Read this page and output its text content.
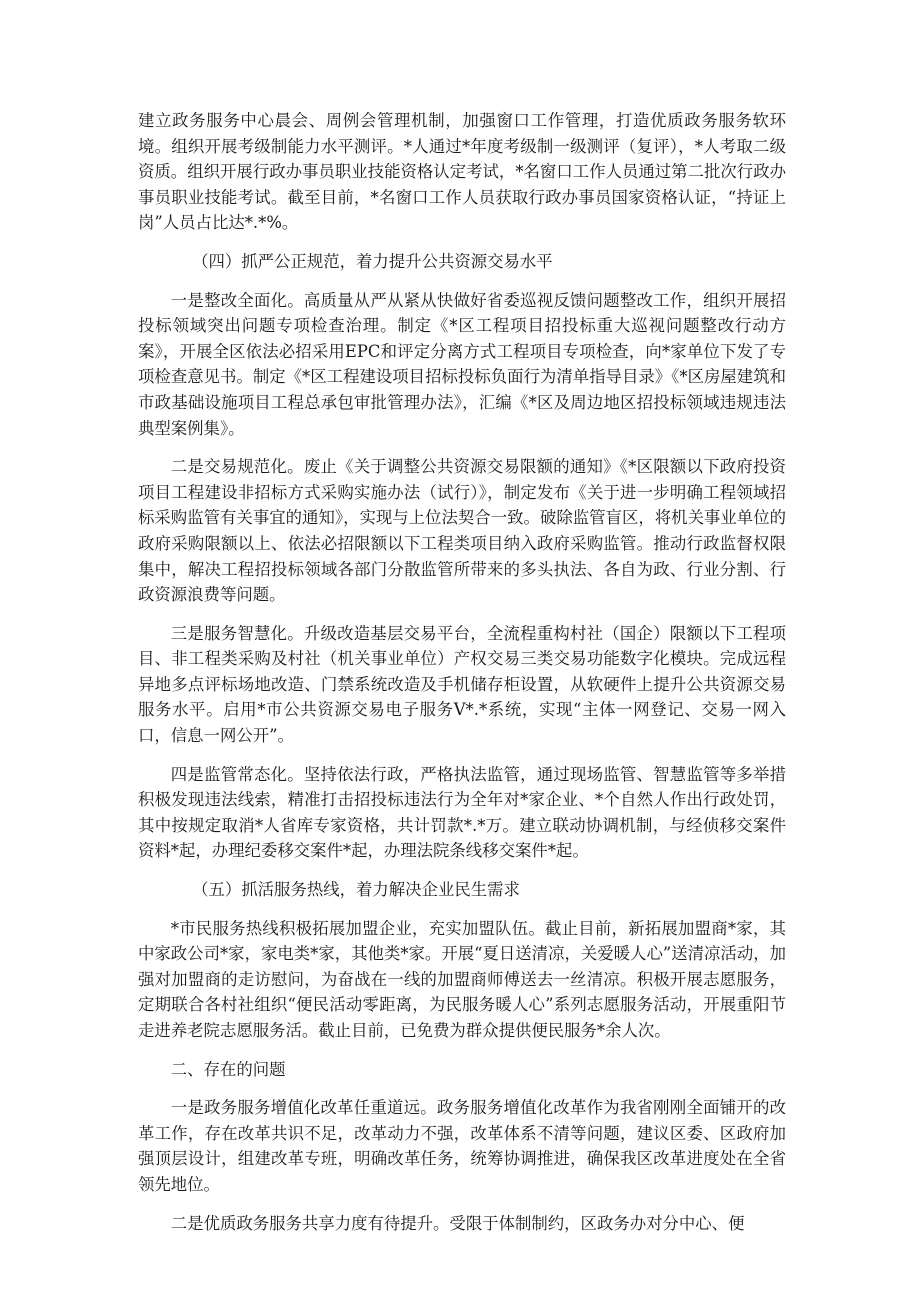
建立政务服务中心晨会、周例会管理机制，加强窗口工作管理，打造优质政务服务软环境。组织开展考级制能力水平测评。*人通过*年度考级制一级测评（复评），*人考取二级资质。组织开展行政办事员职业技能资格认定考试，*名窗口工作人员通过第二批次行政办事员职业技能考试。截至目前，*名窗口工作人员获取行政办事员国家资格认证，“持证上岗”人员占比达*.*%。

（四）抓严公正规范，着力提升公共资源交易水平

一是整改全面化。高质量从严从紧从快做好省委巡视反馈问题整改工作，组织开展招投标领域突出问题专项检查治理。制定《*区工程项目招投标重大巡视问题整改行动方案》，开展全区依法必招采用EPC和评定分离方式工程项目专项检查，向*家单位下发了专项检查意见书。制定《*区工程建设项目招标投标负面行为清单指导目录》《*区房屋建筑和市政基础设施项目工程总承包审批管理办法》，汇编《*区及周边地区招投标领域违规违法典型案例集》。

二是交易规范化。废止《关于调整公共资源交易限额的通知》《*区限额以下政府投资项目工程建设非招标方式采购实施办法（试行）》，制定发布《关于进一步明确工程领域招标采购监管有关事宜的通知》，实现与上位法契合一致。破除监管盲区，将机关事业单位的政府采购限额以上、依法必招限额以下工程类项目纳入政府采购监管。推动行政监督权限集中，解决工程招投标领域各部门分散监管所带来的多头执法、各自为政、行业分割、行政资源浪费等问题。

三是服务智慧化。升级改造基层交易平台，全流程重构村社（国企）限额以下工程项目、非工程类采购及村社（机关事业单位）产权交易三类交易功能数字化模块。完成远程异地多点评标场地改造、门禁系统改造及手机储存柜设置，从软硬件上提升公共资源交易服务水平。启用*市公共资源交易电子服务V*.*系统，实现“主体一网登记、交易一网入口，信息一网公开”。

四是监管常态化。坚持依法行政，严格执法监管，通过现场监管、智慧监管等多举措积极发现违法线索，精准打击招投标违法行为全年对*家企业、*个自然人作出行政处罚，其中按规定取消*人省库专家资格，共计罚款*.*万。建立联动协调机制，与经侦移交案件资料*起，办理纪委移交案件*起，办理法院条线移交案件*起。

（五）抓活服务热线，着力解决企业民生需求

*市民服务热线积极拓展加盟企业，充实加盟队伍。截止目前，新拓展加盟商*家，其中家政公司*家，家电类*家，其他类*家。开展“夏日送清凉，关爱暖人心”送清凉活动，加强对加盟商的走访慰问，为奋战在一线的加盟商师傅送去一丝清凉。积极开展志愿服务，定期联合各村社组织“便民活动零距离，为民服务暖人心”系列志愿服务活动，开展重阳节走进养老院志愿服务活。截止目前，已免费为群众提供便民服务*余人次。

二、存在的问题

一是政务服务增值化改革任重道远。政务服务增值化改革作为我省刚刚全面铺开的改革工作，存在改革共识不足，改革动力不强，改革体系不清等问题，建议区委、区政府加强顶层设计，组建改革专班，明确改革任务，统筹协调推进，确保我区改革进度处在全省领先地位。

二是优质政务服务共享力度有待提升。受限于体制制约，区政务办对分中心、便
